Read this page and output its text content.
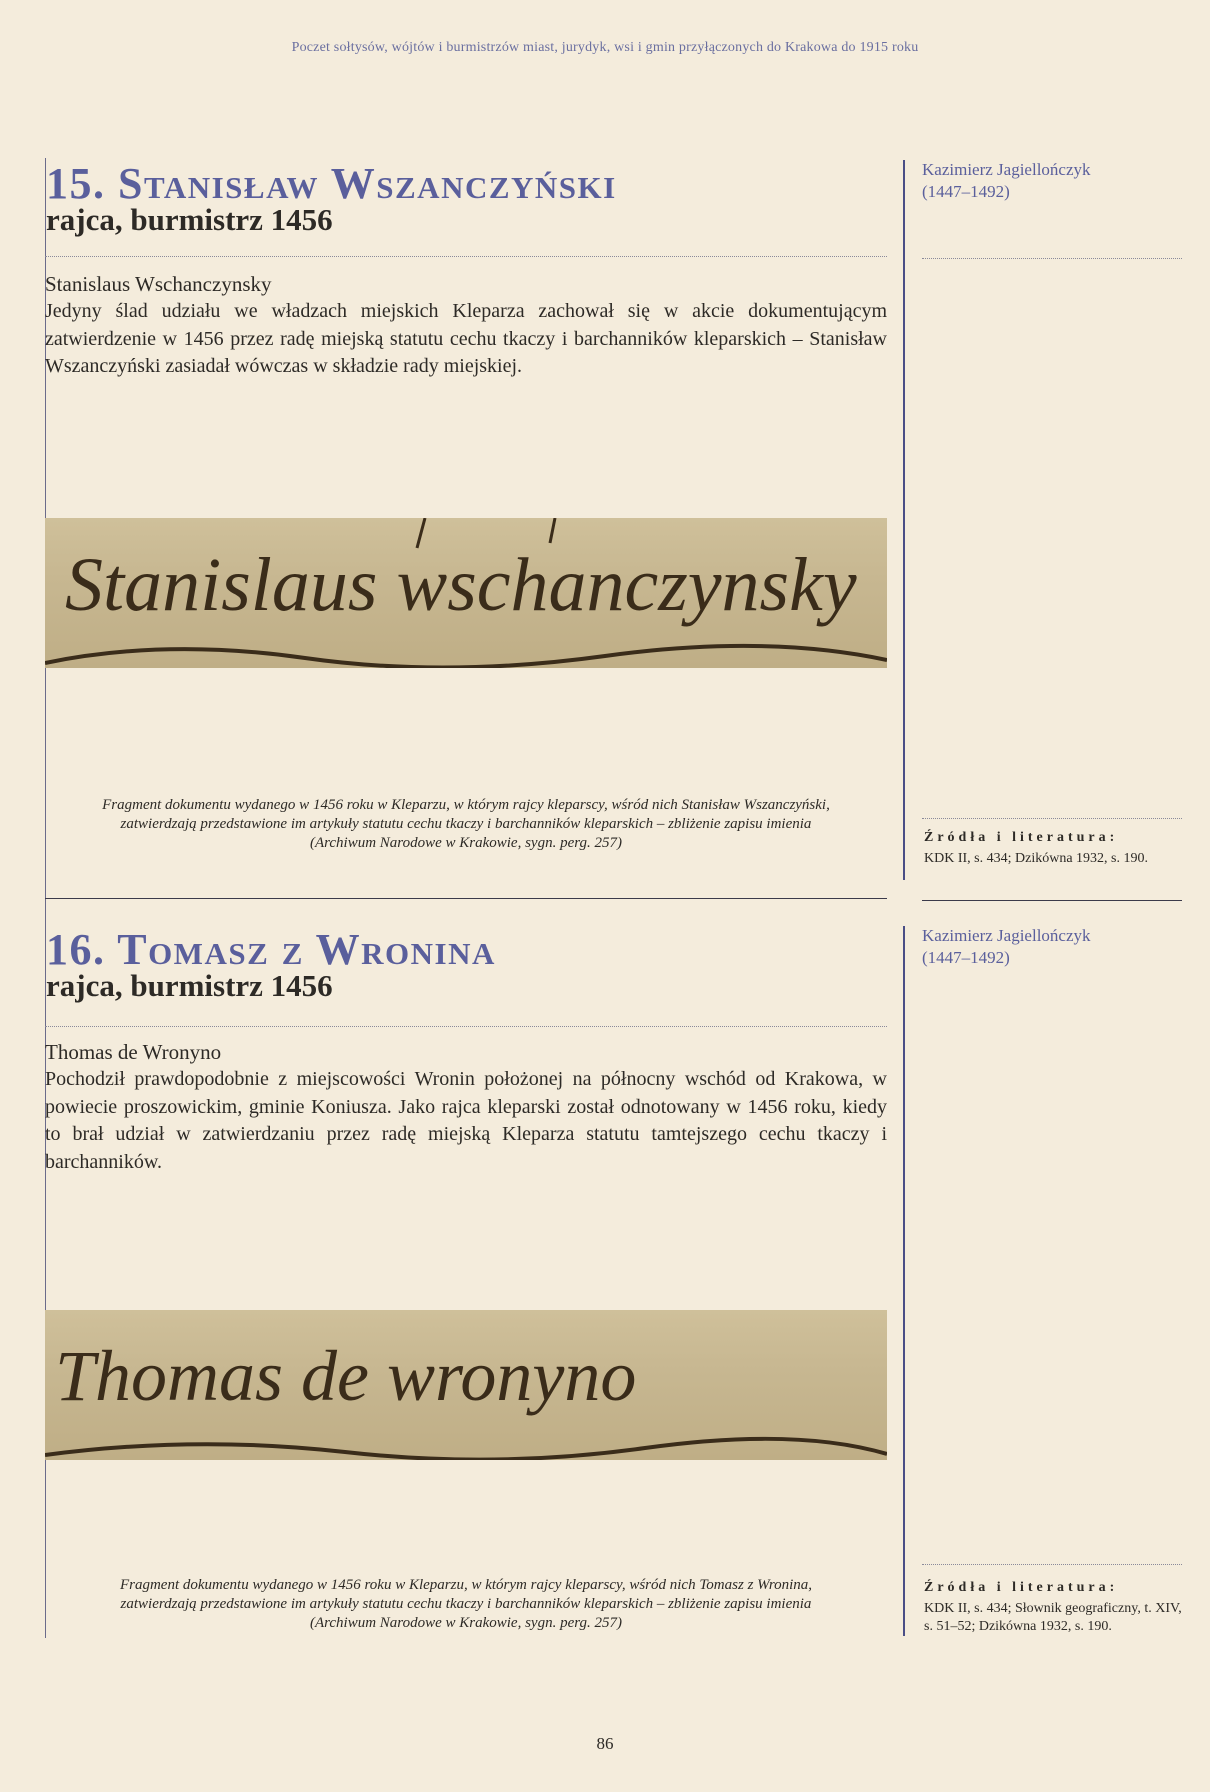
Poczet sołtysów, wójtów i burmistrzów miast, jurydyk, wsi i gmin przyłączonych do Krakowa do 1915 roku

15. Stanisław Wszanczyński
rajca, burmistrz 1456
Kazimierz Jagiellończyk
(1447–1492)
Stanislaus Wschanczynsky
Jedyny ślad udziału we władzach miejskich Kleparza zachował się w akcie dokumentującym zatwierdzenie w 1456 przez radę miejską statutu cechu tkaczy i barchanników kleparskich – Stanisław Wszanczyński zasiadał wówczas w składzie rady miejskiej.
Stanislaus wschanczynsky
Fragment dokumentu wydanego w 1456 roku w Kleparzu, w którym rajcy kleparscy, wśród nich Stanisław Wszanczyński,
zatwierdzają przedstawione im artykuły statutu cechu tkaczy i barchanników kleparskich – zbliżenie zapisu imienia
(Archiwum Narodowe w Krakowie, sygn. perg. 257)	Źródła i literatura:
KDK II, s. 434; Dzikówna 1932, s. 190.
16. Tomasz z Wronina
rajca, burmistrz 1456
Kazimierz Jagiellończyk
(1447–1492)
Thomas de Wronyno
Pochodził prawdopodobnie z miejscowości Wronin położonej na północny wschód od Krakowa, w powiecie proszowickim, gminie Koniusza. Jako rajca kleparski został odnotowany w 1456 roku, kiedy to brał udział w zatwierdzaniu przez radę miejską Kleparza statutu tamtejszego cechu tkaczy i barchanników.
Thomas de wronyno
Fragment dokumentu wydanego w 1456 roku w Kleparzu, w którym rajcy kleparscy, wśród nich Tomasz z Wronina,
zatwierdzają przedstawione im artykuły statutu cechu tkaczy i barchanników kleparskich – zbliżenie zapisu imienia
(Archiwum Narodowe w Krakowie, sygn. perg. 257)
Źródła i literatura:
KDK II, s. 434; Słownik geograficzny, t. XIV, s. 51–52; Dzikówna 1932, s. 190.
86
